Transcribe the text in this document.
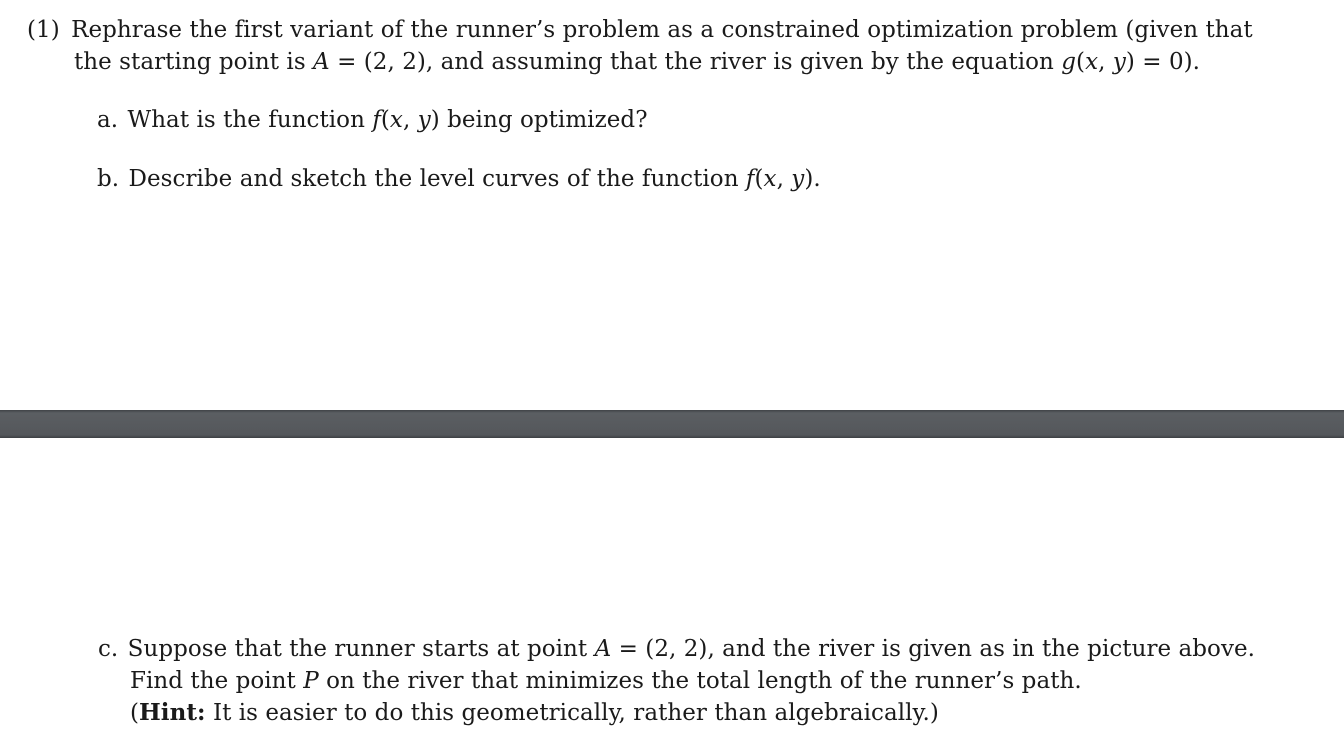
(1) Rephrase the first variant of the runner’s problem as a constrained optimization problem (given that
the starting point is A = (2, 2), and assuming that the river is given by the equation g(x, y) = 0).
a. What is the function f(x, y) being optimized?
b. Describe and sketch the level curves of the function f(x, y).
c. Suppose that the runner starts at point A = (2, 2), and the river is given as in the picture above.
Find the point P on the river that minimizes the total length of the runner’s path.
(Hint: It is easier to do this geometrically, rather than algebraically.)
